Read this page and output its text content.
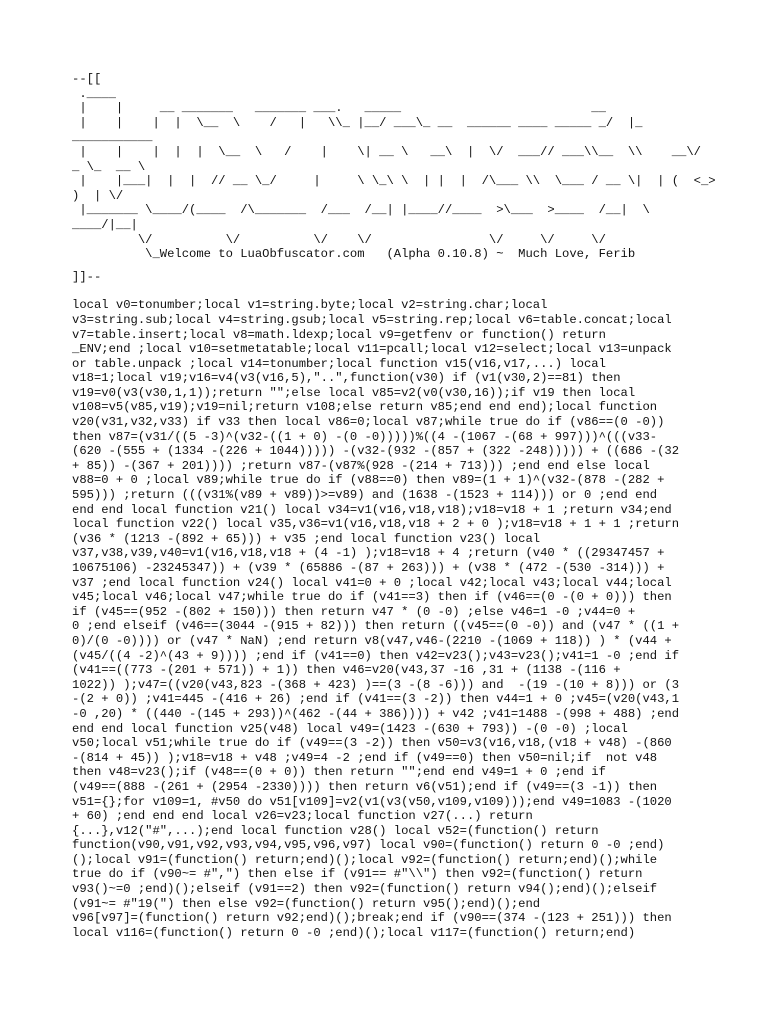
--[[
.____
|    |     __ _______   _______ ___.   _____                          __
|    |    |  |  \__  \    /   |   \\_ |__/ ___\_ __  ______ ____ _____ _/  |_
___________
|    |    |  |  |  \__  \   /    |    \| __ \   __\  |  \/  ___// ___\\__  \\    __\/
_ \_  __ \
|    |___|  |  |  // __ \_/     |     \ \_\ \  | |  |  /\___ \\  \___ / __ \|  | (  <_>
)  | \/
|_______ \____/(____  /\_______  /___  /__| |____//____  >\___  >____  /__|  \
____/|__|
\/          \/          \/    \/                \/     \/     \/
\_Welcome to LuaObfuscator.com   (Alpha 0.10.8) ~  Much Love, Ferib
]]--
local v0=tonumber;local v1=string.byte;local v2=string.char;local
v3=string.sub;local v4=string.gsub;local v5=string.rep;local v6=table.concat;local
v7=table.insert;local v8=math.ldexp;local v9=getfenv or function() return
_ENV;end ;local v10=setmetatable;local v11=pcall;local v12=select;local v13=unpack
or table.unpack ;local v14=tonumber;local function v15(v16,v17,...) local
v18=1;local v19;v16=v4(v3(v16,5),"..",function(v30) if (v1(v30,2)==81) then
v19=v0(v3(v30,1,1));return "";else local v85=v2(v0(v30,16));if v19 then local
v108=v5(v85,v19);v19=nil;return v108;else return v85;end end end);local function
v20(v31,v32,v33) if v33 then local v86=0;local v87;while true do if (v86==(0 -0))
then v87=(v31/((5 -3)^(v32-((1 + 0) -(0 -0)))))%((4 -(1067 -(68 + 997)))^(((v33-
(620 -(555 + (1334 -(226 + 1044))))) -(v32-(932 -(857 + (322 -248))))) + ((686 -(32
+ 85)) -(367 + 201)))) ;return v87-(v87%(928 -(214 + 713))) ;end end else local
v88=0 + 0 ;local v89;while true do if (v88==0) then v89=(1 + 1)^(v32-(878 -(282 +
595))) ;return (((v31%(v89 + v89))>=v89) and (1638 -(1523 + 114))) or 0 ;end end
end end local function v21() local v34=v1(v16,v18,v18);v18=v18 + 1 ;return v34;end
local function v22() local v35,v36=v1(v16,v18,v18 + 2 + 0 );v18=v18 + 1 + 1 ;return
(v36 * (1213 -(892 + 65))) + v35 ;end local function v23() local
v37,v38,v39,v40=v1(v16,v18,v18 + (4 -1) );v18=v18 + 4 ;return (v40 * ((29347457 +
10675106) -23245347)) + (v39 * (65886 -(87 + 263))) + (v38 * (472 -(530 -314))) +
v37 ;end local function v24() local v41=0 + 0 ;local v42;local v43;local v44;local
v45;local v46;local v47;while true do if (v41==3) then if (v46==(0 -(0 + 0))) then
if (v45==(952 -(802 + 150))) then return v47 * (0 -0) ;else v46=1 -0 ;v44=0 +
0 ;end elseif (v46==(3044 -(915 + 82))) then return ((v45==(0 -0)) and (v47 * ((1 +
0)/(0 -0)))) or (v47 * NaN) ;end return v8(v47,v46-(2210 -(1069 + 118)) ) * (v44 +
(v45/((4 -2)^(43 + 9)))) ;end if (v41==0) then v42=v23();v43=v23();v41=1 -0 ;end if
(v41==((773 -(201 + 571)) + 1)) then v46=v20(v43,37 -16 ,31 + (1138 -(116 +
1022)) );v47=((v20(v43,823 -(368 + 423) )==(3 -(8 -6))) and  -(19 -(10 + 8))) or (3
-(2 + 0)) ;v41=445 -(416 + 26) ;end if (v41==(3 -2)) then v44=1 + 0 ;v45=(v20(v43,1
-0 ,20) * ((440 -(145 + 293))^(462 -(44 + 386)))) + v42 ;v41=1488 -(998 + 488) ;end
end end local function v25(v48) local v49=(1423 -(630 + 793)) -(0 -0) ;local
v50;local v51;while true do if (v49==(3 -2)) then v50=v3(v16,v18,(v18 + v48) -(860
-(814 + 45)) );v18=v18 + v48 ;v49=4 -2 ;end if (v49==0) then v50=nil;if  not v48
then v48=v23();if (v48==(0 + 0)) then return "";end end v49=1 + 0 ;end if
(v49==(888 -(261 + (2954 -2330)))) then return v6(v51);end if (v49==(3 -1)) then
v51={};for v109=1, #v50 do v51[v109]=v2(v1(v3(v50,v109,v109)));end v49=1083 -(1020
+ 60) ;end end end local v26=v23;local function v27(...) return
{...},v12("#",...);end local function v28() local v52=(function() return
function(v90,v91,v92,v93,v94,v95,v96,v97) local v90=(function() return 0 -0 ;end)
();local v91=(function() return;end)();local v92=(function() return;end)();while
true do if (v90~= #",") then else if (v91== #"\\") then v92=(function() return
v93()~=0 ;end)();elseif (v91==2) then v92=(function() return v94();end)();elseif
(v91~= #"19(") then else v92=(function() return v95();end)();end
v96[v97]=(function() return v92;end)();break;end if (v90==(374 -(123 + 251))) then
local v116=(function() return 0 -0 ;end)();local v117=(function() return;end)
